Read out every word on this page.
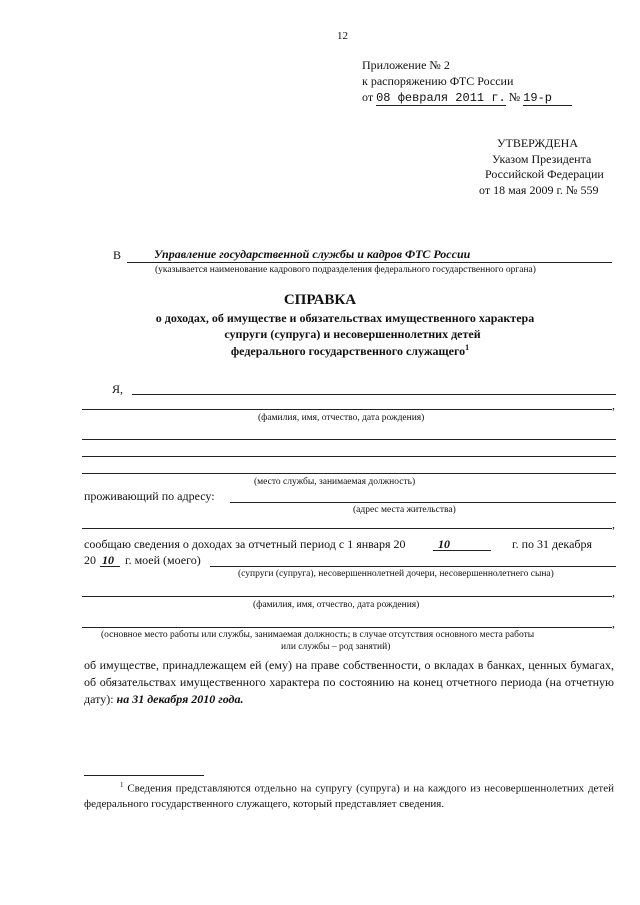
12
Приложение № 2
к распоряжению ФТС России
от 08 февраля 2011 г. № 19-р
УТВЕРЖДЕНА
Указом Президента
Российской Федерации
от 18 мая 2009 г. № 559
В	Управление государственной службы и кадров ФТС России
(указывается наименование кадрового подразделения федерального государственного органа)
СПРАВКА
о доходах, об имуществе и обязательствах имущественного характера
супруги (супруга) и несовершеннолетних детей
федерального государственного служащего$^1$
Я,
,
(фамилия, имя, отчество, дата рождения)
(место службы, занимаемая должность)
проживающий по адресу:
(адрес места жительства)
,
сообщаю сведения о доходах за отчетный период с 1 января 20	10	г. по 31 декабря
20 10 г. моей (моего)
(супруги (супруга), несовершеннолетней дочери, несовершеннолетнего сына)
,
(фамилия, имя, отчество, дата рождения)
,
(основное место работы или службы, занимаемая должность; в случае отсутствия основного места работы
или службы – род занятий)
об имуществе, принадлежащем ей (ему) на праве собственности, о вкладах в банках, ценных бумагах, об обязательствах имущественного характера по состоянию на конец отчетного периода (на отчетную дату): на 31 декабря 2010 года.
$^1$ Сведения представляются отдельно на супругу (супруга) и на каждого из несовершеннолетних детей федерального государственного служащего, который представляет сведения.
